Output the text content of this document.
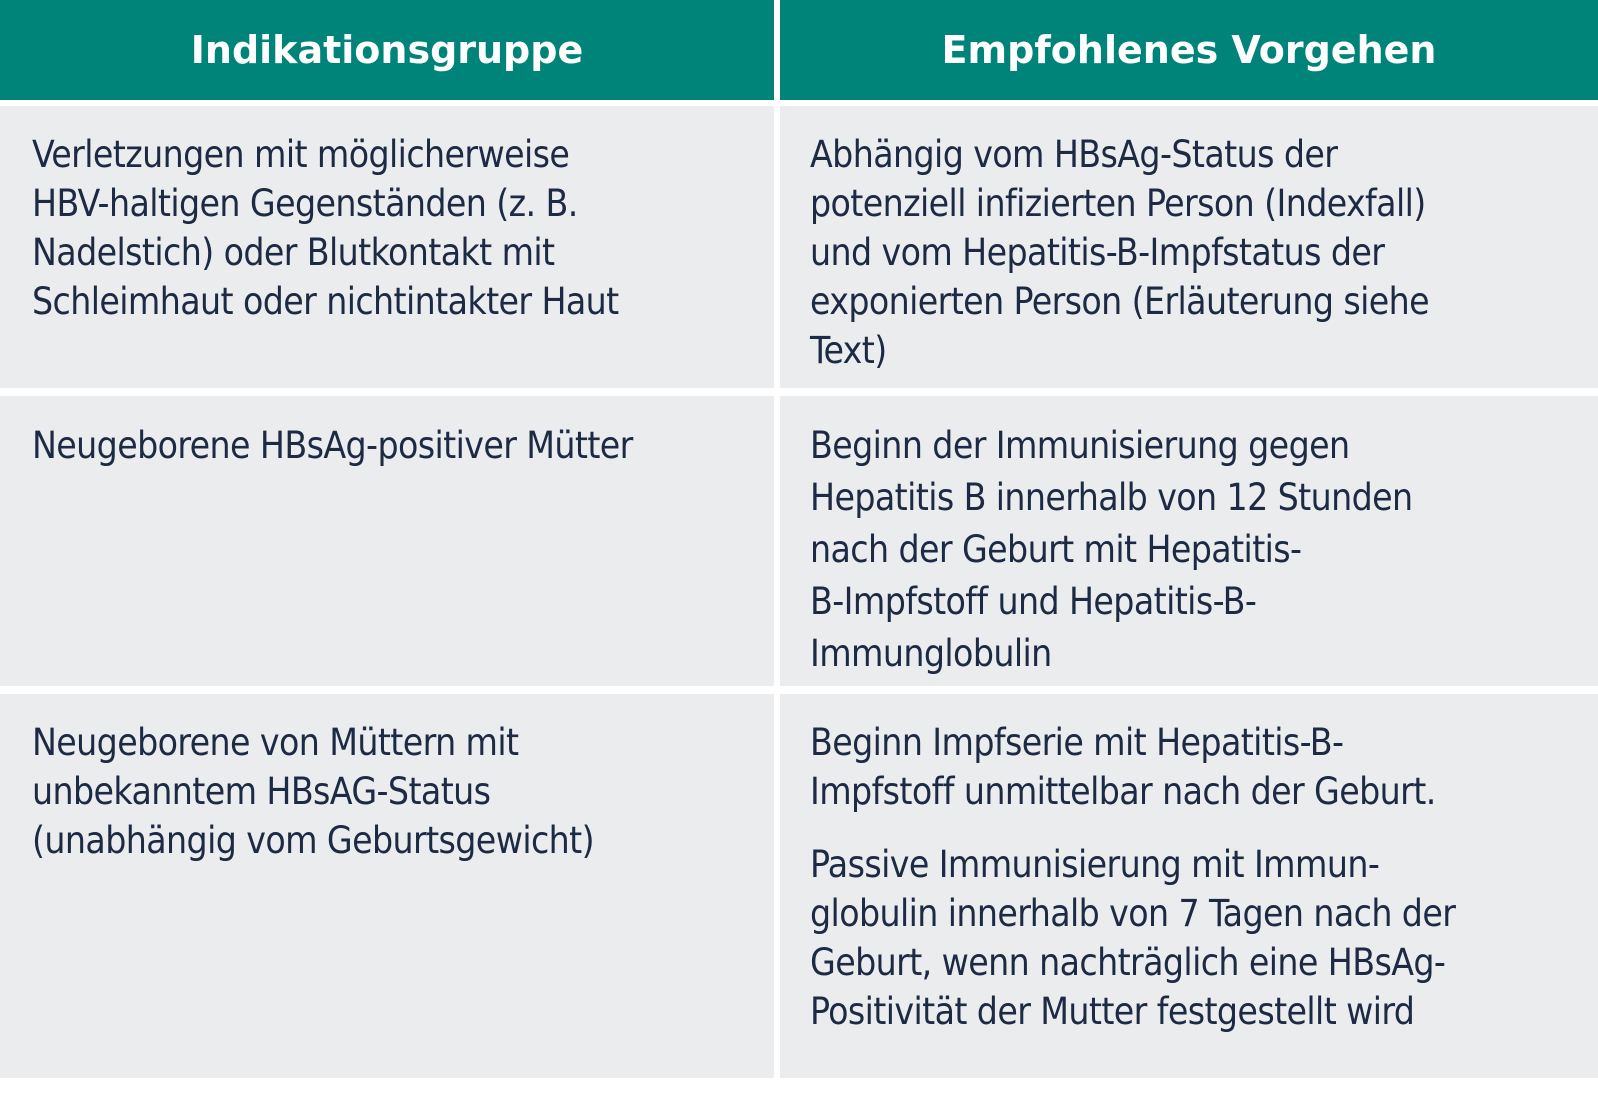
Indikationsgruppe	Empfohlenes Vorgehen

Verletzungen mit möglicherweise
HBV-haltigen Gegenständen (z. B.
Nadelstich) oder Blutkontakt mit
Schleimhaut oder nichtintakter Haut

Abhängig vom HBsAg-Status der
potenziell infizierten Person (Indexfall)
und vom Hepatitis-B-Impfstatus der
exponierten Person (Erläuterung siehe
Text)

Neugeborene HBsAg-positiver Mütter	Beginn der Immunisierung gegen
Hepatitis B innerhalb von 12 Stunden
nach der Geburt mit Hepatitis-
B-Impfstoff und Hepatitis-B-
Immunglobulin

Neugeborene von Müttern mit
unbekanntem HBsAG-Status
(unabhängig vom Geburtsgewicht)

Beginn Impfserie mit Hepatitis-B-
Impfstoff unmittelbar nach der Geburt.

Passive Immunisierung mit Immun-
globulin innerhalb von 7 Tagen nach der
Geburt, wenn nachträglich eine HBsAg-
Positivität der Mutter festgestellt wird
